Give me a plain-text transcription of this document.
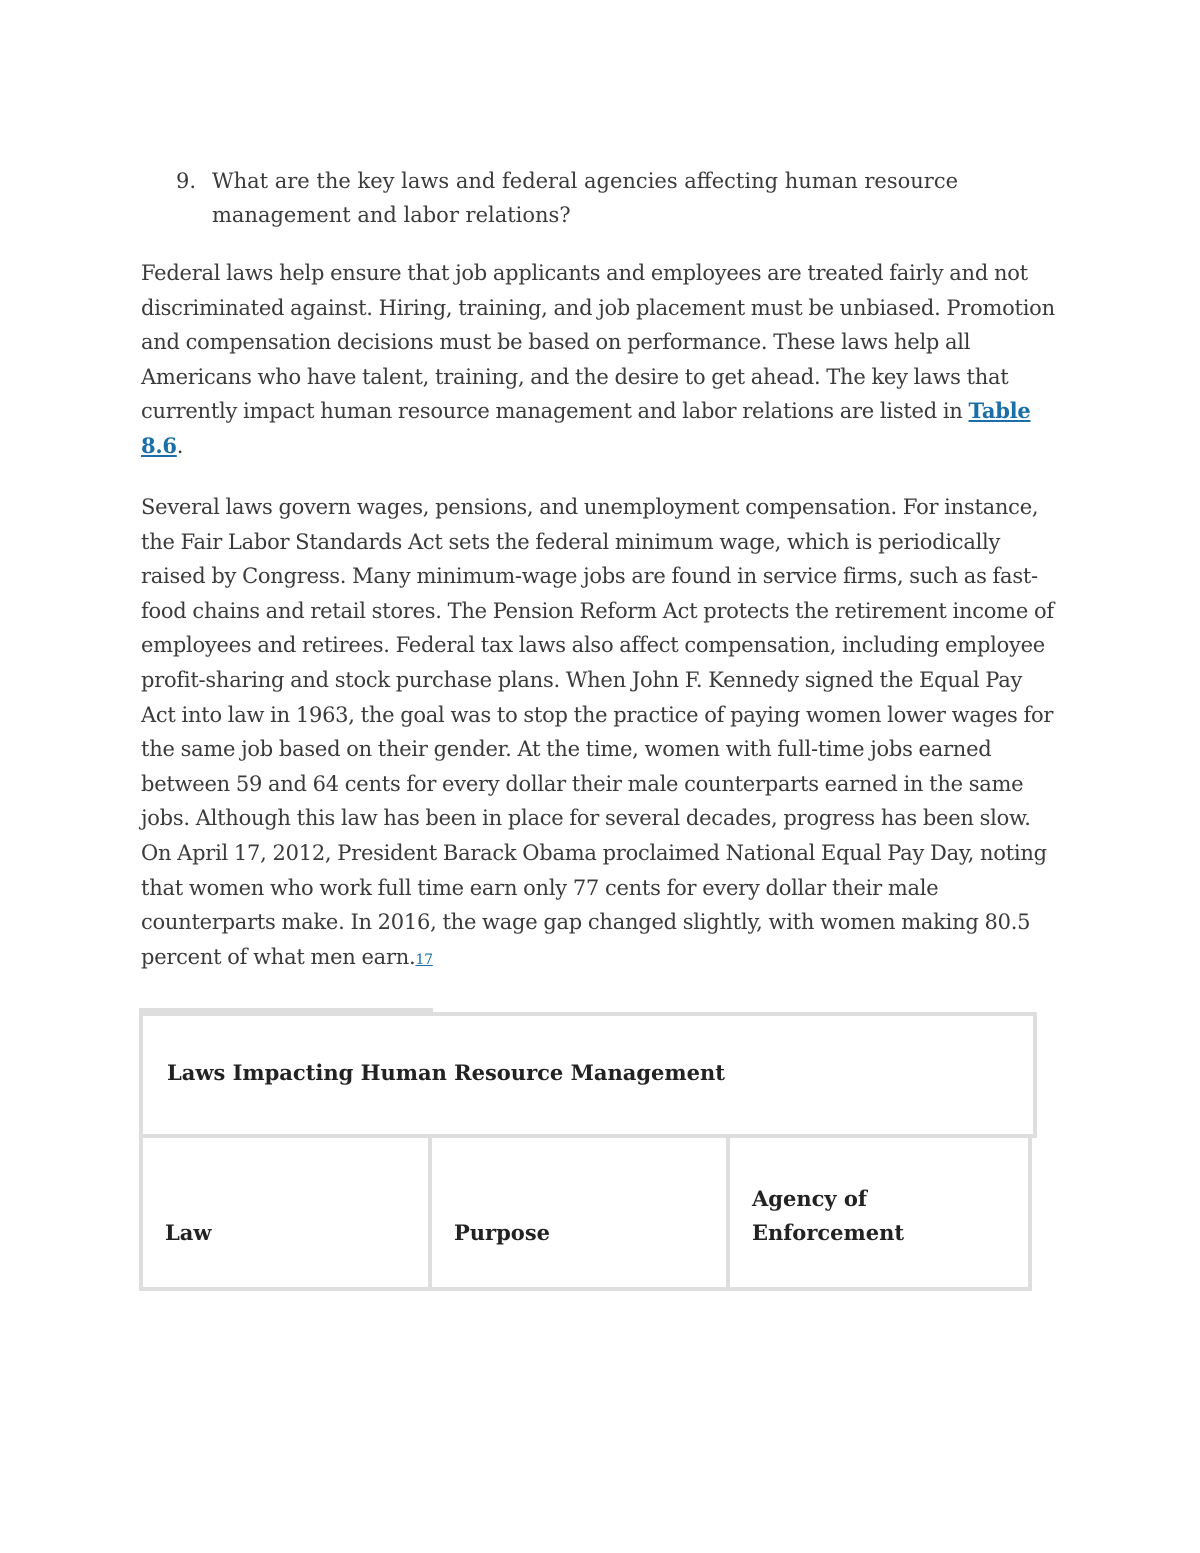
9. What are the key laws and federal agencies affecting human resource management and labor relations?

Federal laws help ensure that job applicants and employees are treated fairly and not discriminated against. Hiring, training, and job placement must be unbiased. Promotion and compensation decisions must be based on performance. These laws help all Americans who have talent, training, and the desire to get ahead. The key laws that currently impact human resource management and labor relations are listed in Table 8.6.

Several laws govern wages, pensions, and unemployment compensation. For instance, the Fair Labor Standards Act sets the federal minimum wage, which is periodically raised by Congress. Many minimum-wage jobs are found in service firms, such as fast-food chains and retail stores. The Pension Reform Act protects the retirement income of employees and retirees. Federal tax laws also affect compensation, including employee profit-sharing and stock purchase plans. When John F. Kennedy signed the Equal Pay Act into law in 1963, the goal was to stop the practice of paying women lower wages for the same job based on their gender. At the time, women with full-time jobs earned between 59 and 64 cents for every dollar their male counterparts earned in the same jobs. Although this law has been in place for several decades, progress has been slow. On April 17, 2012, President Barack Obama proclaimed National Equal Pay Day, noting that women who work full time earn only 77 cents for every dollar their male counterparts make. In 2016, the wage gap changed slightly, with women making 80.5 percent of what men earn.17

Laws Impacting Human Resource Management
Law	Purpose
Agency of Enforcement
